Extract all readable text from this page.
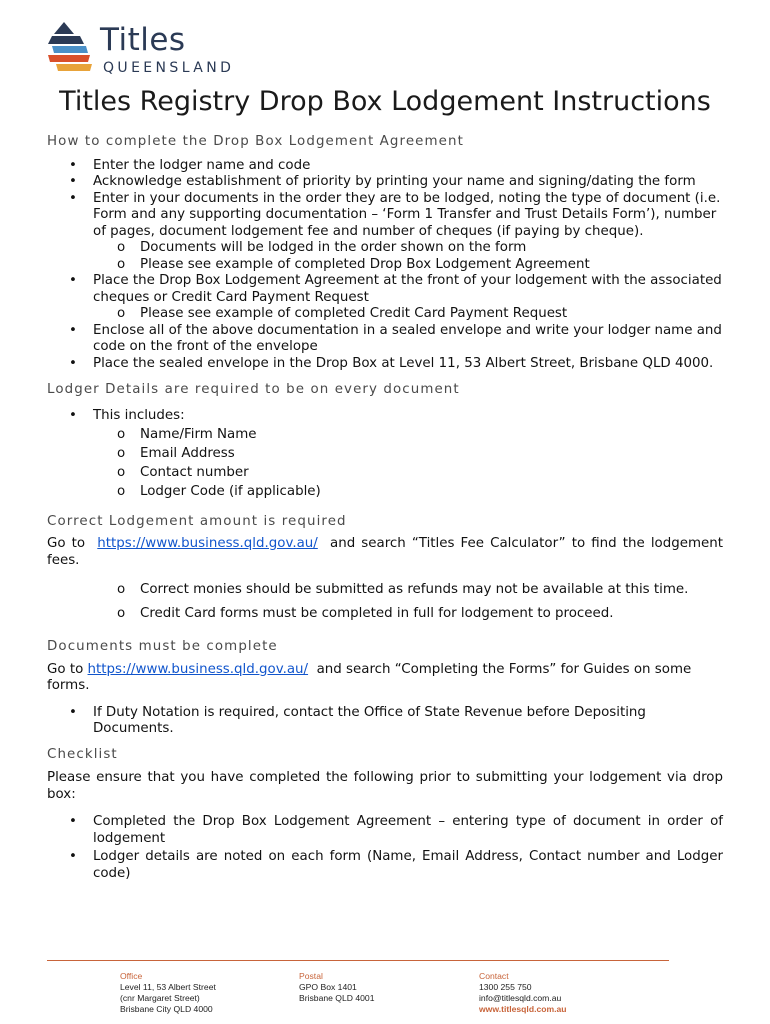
Titles
QUEENSLAND
Titles Registry Drop Box Lodgement Instructions
How to complete the Drop Box Lodgement Agreement
• Enter the lodger name and code
• Acknowledge establishment of priority by printing your name and signing/dating the form
• Enter in your documents in the order they are to be lodged, noting the type of document (i.e. Form and any supporting documentation – ‘Form 1 Transfer and Trust Details Form’), number of pages, document lodgement fee and number of cheques (if paying by cheque).
o Documents will be lodged in the order shown on the form
o Please see example of completed Drop Box Lodgement Agreement
• Place the Drop Box Lodgement Agreement at the front of your lodgement with the associated cheques or Credit Card Payment Request
o Please see example of completed Credit Card Payment Request
• Enclose all of the above documentation in a sealed envelope and write your lodger name and code on the front of the envelope
• Place the sealed envelope in the Drop Box at Level 11, 53 Albert Street, Brisbane QLD 4000.
Lodger Details are required to be on every document
• This includes:
o Name/Firm Name
o Email Address
o Contact number
o Lodger Code (if applicable)
Correct Lodgement amount is required

Go to https://www.business.qld.gov.au/ and search “Titles Fee Calculator” to find the lodgement fees.

o Correct monies should be submitted as refunds may not be available at this time.
o Credit Card forms must be completed in full for lodgement to proceed.
Documents must be complete

Go to https://www.business.qld.gov.au/ and search “Completing the Forms” for Guides on some forms.

• If Duty Notation is required, contact the Office of State Revenue before Depositing Documents.
Checklist

Please ensure that you have completed the following prior to submitting your lodgement via drop box:

• Completed the Drop Box Lodgement Agreement – entering type of document in order of lodgement
• Lodger details are noted on each form (Name, Email Address, Contact number and Lodger code)
Office
Level 11, 53 Albert Street
(cnr Margaret Street)
Brisbane City QLD 4000
Postal
GPO Box 1401
Brisbane QLD 4001
Contact
1300 255 750
info@titlesqld.com.au
www.titlesqld.com.au
